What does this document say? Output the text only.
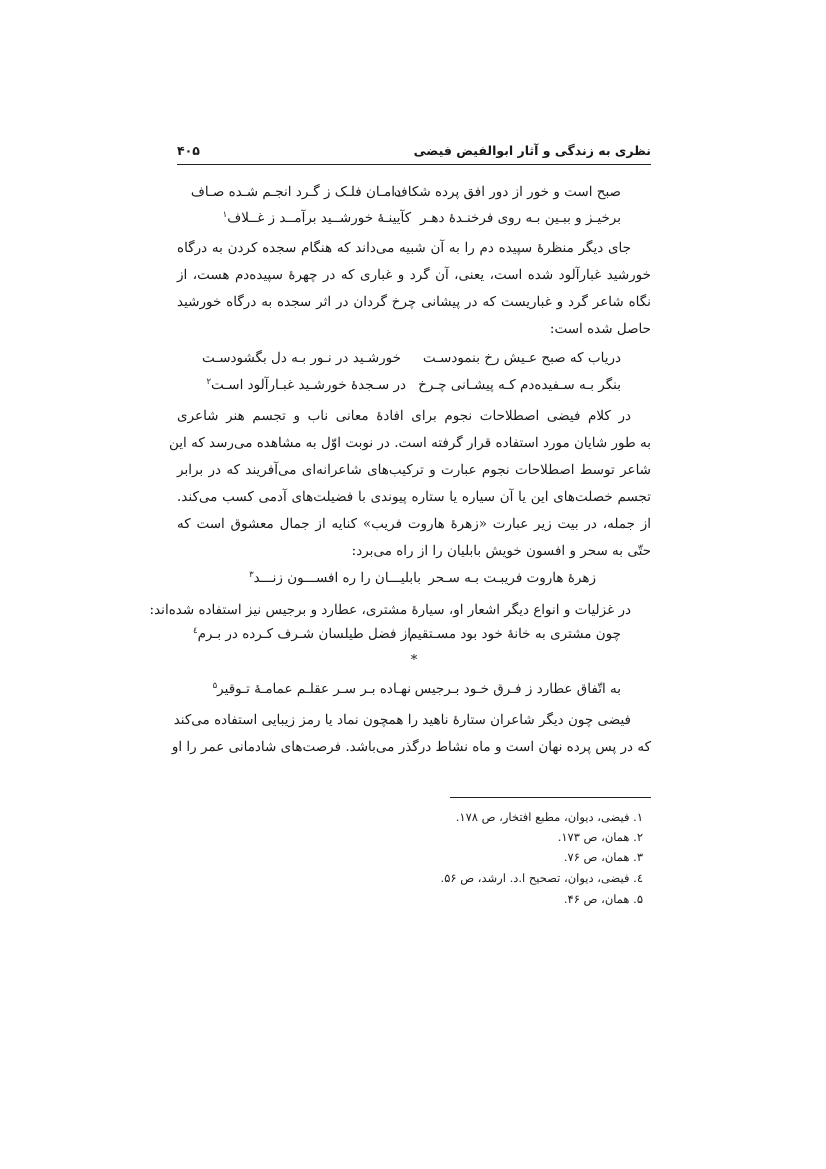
نظری به زندگی و آثار ابوالفیض فیضی
۴۰۵
صبح است و خور از دور افق پرده شکاف
دامـان فلـک ز گـرد انجـم شـده صـاف
برخیـز و ببـین بـه روی فرخنـدۀ دهـر
کآیینـۀ خورشــید برآمــد ز غــلاف$^۱$
جای دیگر منظرۀ سپیده دم را به آن شبیه می‌داند که هنگام سجده کردن به درگاه
خورشید غبارآلود شده است، یعنی، آن گرد و غباری که در چهرۀ سپیده‌دم هست، از
نگاه شاعر گرد و غباریست که در پیشانی چرخ گردان در اثر سجده به درگاه خورشید
حاصل شده است:
دریاب که صبح عـیش رخ بنمودسـت
خورشـید در نـور بـه دل بگشودسـت
بنگر بـه سـفیده‌دم کـه پیشـانی چـرخ
در سـجدۀ خورشـید غبـارآلود اسـت$^۲$
در کلام فیضی اصطلاحات نجوم برای افادۀ معانی ناب و تجسم هنر شاعری
به طور شایان مورد استفاده قرار گرفته است. در نوبت اوّل به مشاهده می‌رسد که این
شاعر توسط اصطلاحات نجوم عبارت و ترکیب‌های شاعرانه‌ای می‌آفریند که در برابر
تجسم خصلت‌های این یا آن سیاره یا ستاره پیوندی با فضیلت‌های آدمی کسب می‌کند.
از جمله، در بیت زیر عبارت «زهرۀ هاروت فریب» کنایه از جمال معشوق است که
حتّی به سحر و افسون خویش بابلیان را از راه می‌برد:
زهرۀ هاروت فریبـت بـه سـحر
بابلیـــان را ره افســـون زنـــد$^۳$
در غزلیات و انواع دیگر اشعار او، سیارۀ مشتری، عطارد و برجیس نیز استفاده شده‌اند:
چون مشتری به خانۀ خود بود مسـتقیم
از فضل طیلسان شـرف کـرده در بـرم$^٤$
*
به اتّفاق عطارد ز فـرق خـود بـرجیس
نهـاده بـر سـر عقلـم عمامـۀ تـوقیر$^۵$
فیضی چون دیگر شاعران ستارۀ ناهید را همچون نماد یا رمز زیبایی استفاده می‌کند
که در پس پرده نهان است و ماه نشاط درگذر می‌باشد. فرصت‌های شادمانی عمر را او
۱. فیضی، دیوان، مطبع افتخار، ص ۱۷۸.
۲. همان، ص ۱۷۳.
۳. همان، ص ۷۶.
٤. فیضی، دیوان، تصحیح ا.د. ارشد، ص ۵۶.
۵. همان، ص ۴۶.
